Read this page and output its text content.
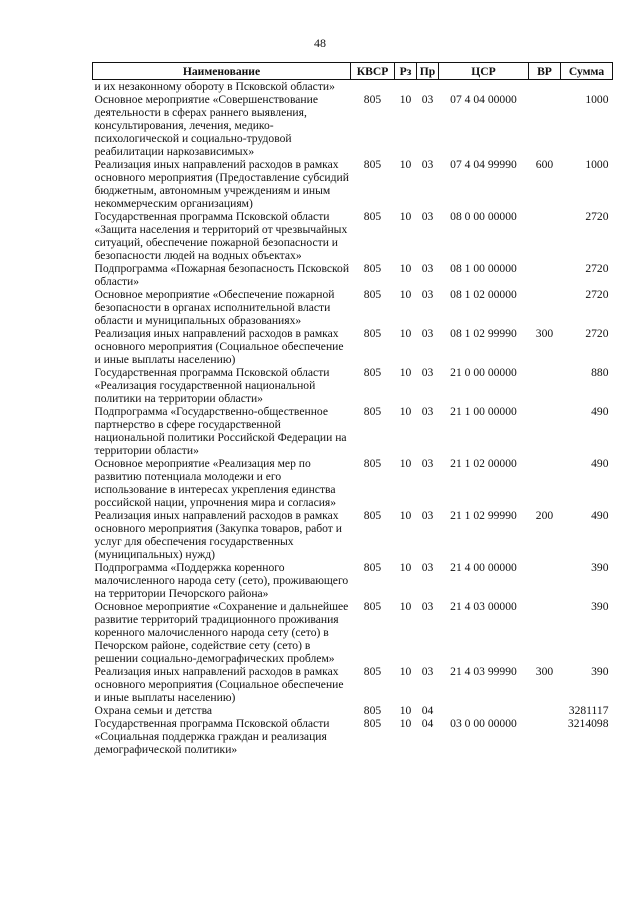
48
Наименование	КВСР	Рз	Пр	ЦСР	ВР	Сумма
и их незаконному обороту в Псковской области»						
Основное мероприятие «Совершенствование деятельности в сферах раннего выявления, консультирования, лечения, медико-психологической и социально-трудовой реабилитации наркозависимых»	805	10	03	07 4 04 00000		1000
Реализация иных направлений расходов в рамках основного мероприятия (Предоставление субсидий бюджетным, автономным учреждениям и иным некоммерческим организациям)	805	10	03	07 4 04 99990	600	1000
Государственная программа Псковской области «Защита населения и территорий от чрезвычайных ситуаций, обеспечение пожарной безопасности и безопасности людей на водных объектах»	805	10	03	08 0 00 00000		2720
Подпрограмма «Пожарная безопасность Псковской области»	805	10	03	08 1 00 00000		2720
Основное мероприятие «Обеспечение пожарной безопасности в органах исполнительной власти области и муниципальных образованиях»	805	10	03	08 1 02 00000		2720
Реализация иных направлений расходов в рамках основного мероприятия (Социальное обеспечение и иные выплаты населению)	805	10	03	08 1 02 99990	300	2720
Государственная программа Псковской области «Реализация государственной национальной политики на территории области»	805	10	03	21 0 00 00000		880
Подпрограмма «Государственно-общественное партнерство в сфере государственной национальной политики Российской Федерации на территории области»	805	10	03	21 1 00 00000		490
Основное мероприятие «Реализация мер по развитию потенциала молодежи и его использование в интересах укрепления единства российской нации, упрочнения мира и согласия»	805	10	03	21 1 02 00000		490
Реализация иных направлений расходов в рамках основного мероприятия (Закупка товаров, работ и услуг для обеспечения государственных (муниципальных) нужд)	805	10	03	21 1 02 99990	200	490
Подпрограмма «Поддержка коренного малочисленного народа сету (сето), проживающего на территории Печорского района»	805	10	03	21 4 00 00000		390
Основное мероприятие «Сохранение и дальнейшее развитие территорий традиционного проживания коренного малочисленного народа сету (сето) в Печорском районе, содействие сету (сето) в решении социально-демографических проблем»	805	10	03	21 4 03 00000		390
Реализация иных направлений расходов в рамках основного мероприятия (Социальное обеспечение и иные выплаты населению)	805	10	03	21 4 03 99990	300	390
Охрана семьи и детства	805	10	04			3281117
Государственная программа Псковской области «Социальная поддержка граждан и реализация демографической политики»	805	10	04	03 0 00 00000		3214098
